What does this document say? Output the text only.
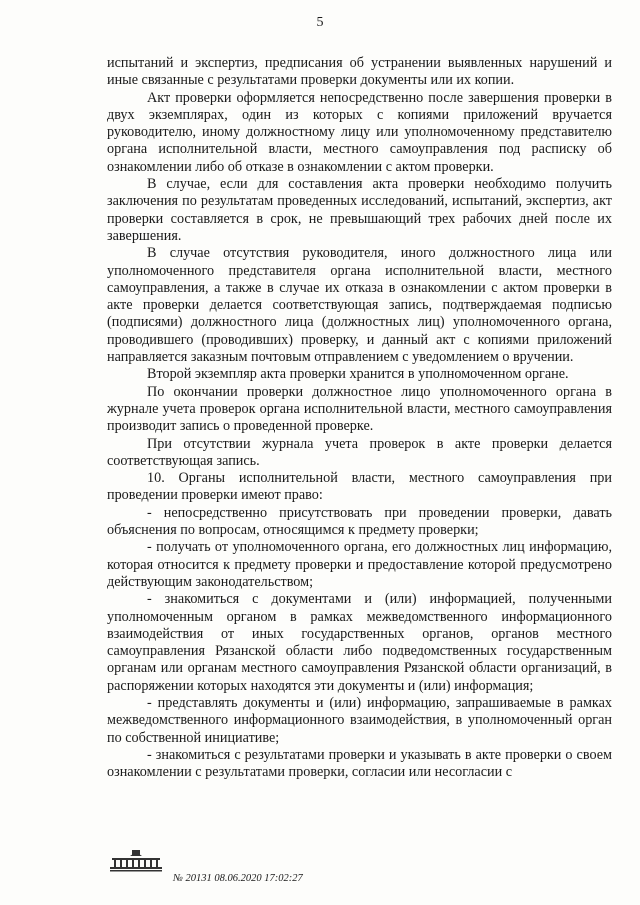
5

испытаний и экспертиз, предписания об устранении выявленных нарушений и иные связанные с результатами проверки документы или их копии.

Акт проверки оформляется непосредственно после завершения проверки в двух экземплярах, один из которых с копиями приложений вручается руководителю, иному должностному лицу или уполномоченному представителю органа исполнительной власти, местного самоуправления под расписку об ознакомлении либо об отказе в ознакомлении с актом проверки.

В случае, если для составления акта проверки необходимо получить заключения по результатам проведенных исследований, испытаний, экспертиз, акт проверки составляется в срок, не превышающий трех рабочих дней после их завершения.

В случае отсутствия руководителя, иного должностного лица или уполномоченного представителя органа исполнительной власти, местного самоуправления, а также в случае их отказа в ознакомлении с актом проверки в акте проверки делается соответствующая запись, подтверждаемая подписью (подписями) должностного лица (должностных лиц) уполномоченного органа, проводившего (проводивших) проверку, и данный акт с копиями приложений направляется заказным почтовым отправлением с уведомлением о вручении.

Второй экземпляр акта проверки хранится в уполномоченном органе.

По окончании проверки должностное лицо уполномоченного органа в журнале учета проверок органа исполнительной власти, местного самоуправления производит запись о проведенной проверке.

При отсутствии журнала учета проверок в акте проверки делается соответствующая запись.

10. Органы исполнительной власти, местного самоуправления при проведении проверки имеют право:

- непосредственно присутствовать при проведении проверки, давать объяснения по вопросам, относящимся к предмету проверки;

- получать от уполномоченного органа, его должностных лиц информацию, которая относится к предмету проверки и предоставление которой предусмотрено действующим законодательством;

- знакомиться с документами и (или) информацией, полученными уполномоченным органом в рамках межведомственного информационного взаимодействия от иных государственных органов, органов местного самоуправления Рязанской области либо подведомственных государственным органам или органам местного самоуправления Рязанской области организаций, в распоряжении которых находятся эти документы и (или) информация;

- представлять документы и (или) информацию, запрашиваемые в рамках межведомственного информационного взаимодействия, в уполномоченный орган по собственной инициативе;

- знакомиться с результатами проверки и указывать в акте проверки о своем ознакомлении с результатами проверки, согласии или несогласии с

№ 20131 08.06.2020 17:02:27
